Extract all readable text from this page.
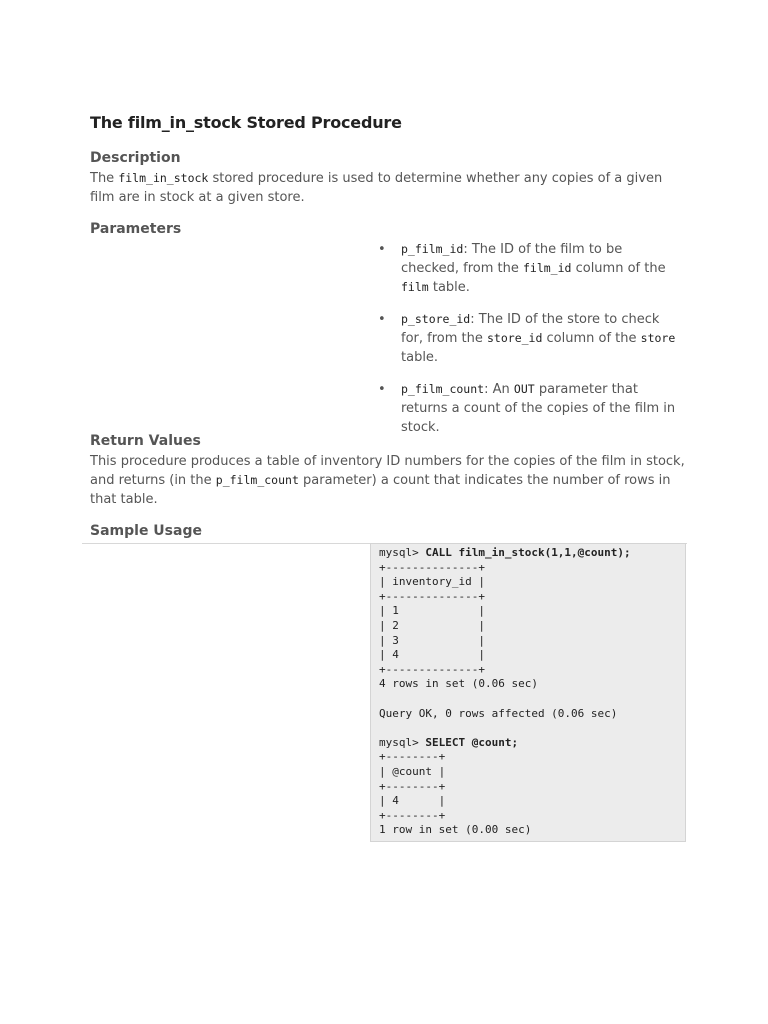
The film_in_stock Stored Procedure
Description
The film_in_stock stored procedure is used to determine whether any copies of a given film are in stock at a given store.
Parameters
• p_film_id: The ID of the film to be checked, from the film_id column of the film table.
• p_store_id: The ID of the store to check for, from the store_id column of the store table.
• p_film_count: An OUT parameter that returns a count of the copies of the film in stock.
Return Values
This procedure produces a table of inventory ID numbers for the copies of the film in stock, and returns (in the p_film_count parameter) a count that indicates the number of rows in that table.
Sample Usage
mysql> CALL film_in_stock(1,1,@count);
+--------------+
| inventory_id |
+--------------+
| 1            |
| 2            |
| 3            |
| 4            |
+--------------+
4 rows in set (0.06 sec)

Query OK, 0 rows affected (0.06 sec)

mysql> SELECT @count;
+--------+
| @count |
+--------+
| 4      |
+--------+
1 row in set (0.00 sec)
